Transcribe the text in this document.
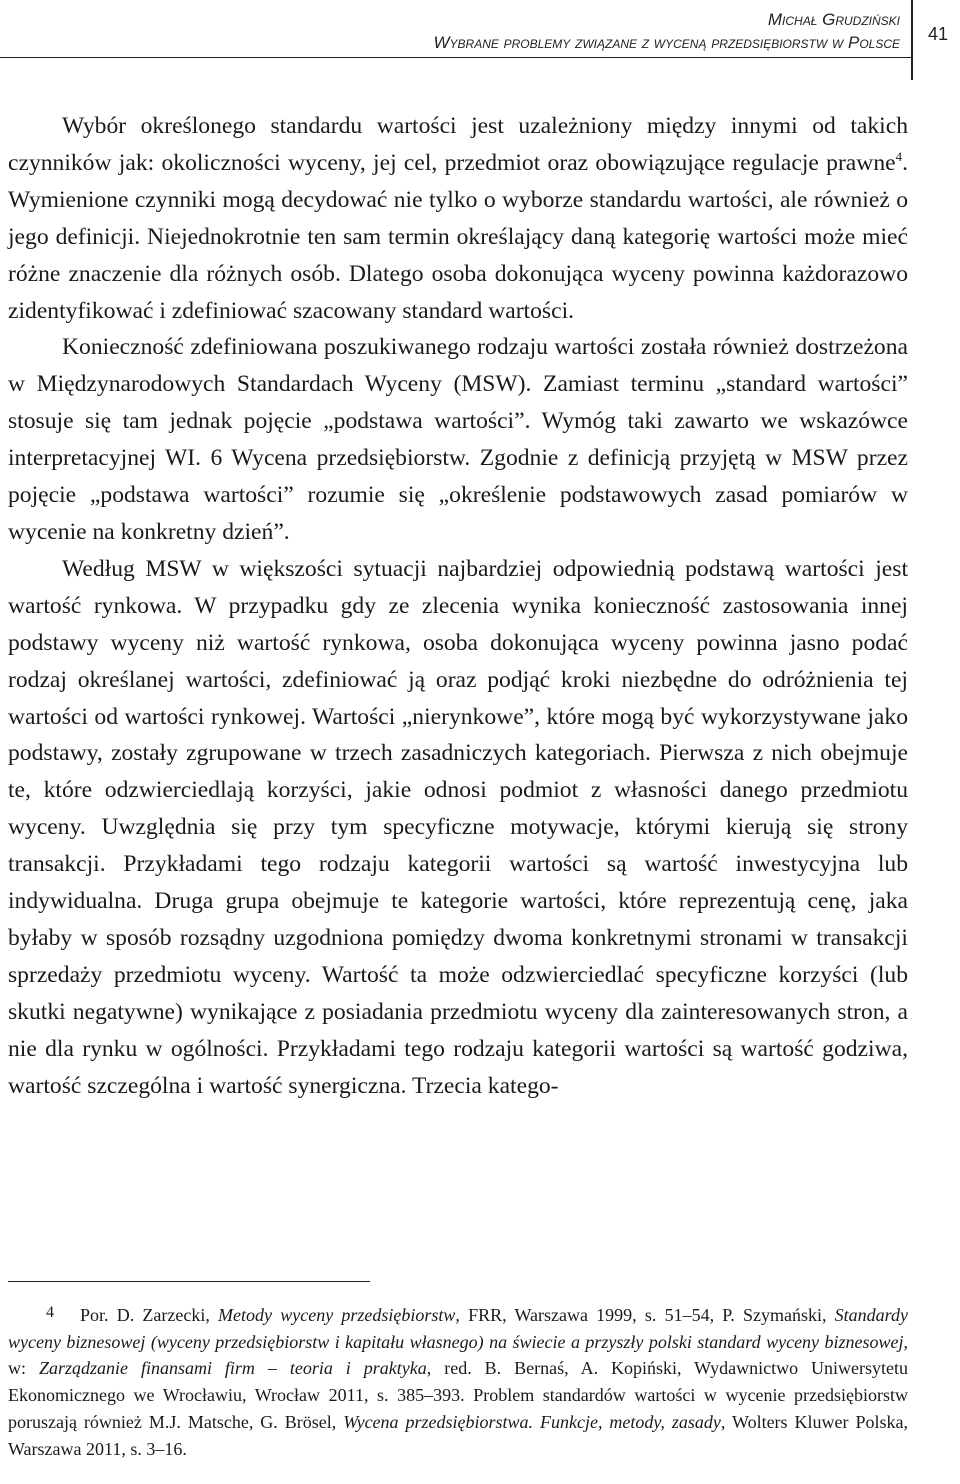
Michał Grudziński
Wybrane problemy związane z wyceną przedsiębiorstw w Polsce 41

Wybór określonego standardu wartości jest uzależniony między innymi od takich czynników jak: okoliczności wyceny, jej cel, przedmiot oraz obowiązujące regulacje prawne$^4$. Wymienione czynniki mogą decydować nie tylko o wyborze standardu wartości, ale również o jego definicji. Niejednokrotnie ten sam termin określający daną kategorię wartości może mieć różne znaczenie dla różnych osób. Dlatego osoba dokonująca wyceny powinna każdorazowo zidentyfikować i zdefiniować szacowany standard wartości.

Konieczność zdefiniowana poszukiwanego rodzaju wartości została również dostrzeżona w Międzynarodowych Standardach Wyceny (MSW). Zamiast terminu „standard wartości” stosuje się tam jednak pojęcie „podstawa wartości”. Wymóg taki zawarto we wskazówce interpretacyjnej WI. 6 Wycena przedsiębiorstw. Zgodnie z definicją przyjętą w MSW przez pojęcie „podstawa wartości” rozumie się „określenie podstawowych zasad pomiarów w wycenie na konkretny dzień”.

Według MSW w większości sytuacji najbardziej odpowiednią podstawą wartości jest wartość rynkowa. W przypadku gdy ze zlecenia wynika konieczność zastosowania innej podstawy wyceny niż wartość rynkowa, osoba dokonująca wyceny powinna jasno podać rodzaj określanej wartości, zdefiniować ją oraz podjąć kroki niezbędne do odróżnienia tej wartości od wartości rynkowej. Wartości „nierynkowe”, które mogą być wykorzystywane jako podstawy, zostały zgrupowane w trzech zasadniczych kategoriach. Pierwsza z nich obejmuje te, które odzwierciedlają korzyści, jakie odnosi podmiot z własności danego przedmiotu wyceny. Uwzględnia się przy tym specyficzne motywacje, którymi kierują się strony transakcji. Przykładami tego rodzaju kategorii wartości są wartość inwestycyjna lub indywidualna. Druga grupa obejmuje te kategorie wartości, które reprezentują cenę, jaka byłaby w sposób rozsądny uzgodniona pomiędzy dwoma konkretnymi stronami w transakcji sprzedaży przedmiotu wyceny. Wartość ta może odzwierciedlać specyficzne korzyści (lub skutki negatywne) wynikające z posiadania przedmiotu wyceny dla zainteresowanych stron, a nie dla rynku w ogólności. Przykładami tego rodzaju kategorii wartości są wartość godziwa, wartość szczególna i wartość synergiczna. Trzecia katego-

4 Por. D. Zarzecki, Metody wyceny przedsiębiorstw, FRR, Warszawa 1999, s. 51–54, P. Szymański, Standardy wyceny biznesowej (wyceny przedsiębiorstw i kapitału własnego) na świecie a przyszły polski standard wyceny biznesowej, w: Zarządzanie finansami firm – teoria i praktyka, red. B. Bernaś, A. Kopiński, Wydawnictwo Uniwersytetu Ekonomicznego we Wrocławiu, Wrocław 2011, s. 385–393. Problem standardów wartości w wycenie przedsiębiorstw poruszają również M.J. Matsche, G. Brösel, Wycena przedsiębiorstwa. Funkcje, metody, zasady, Wolters Kluwer Polska, Warszawa 2011, s. 3–16.
